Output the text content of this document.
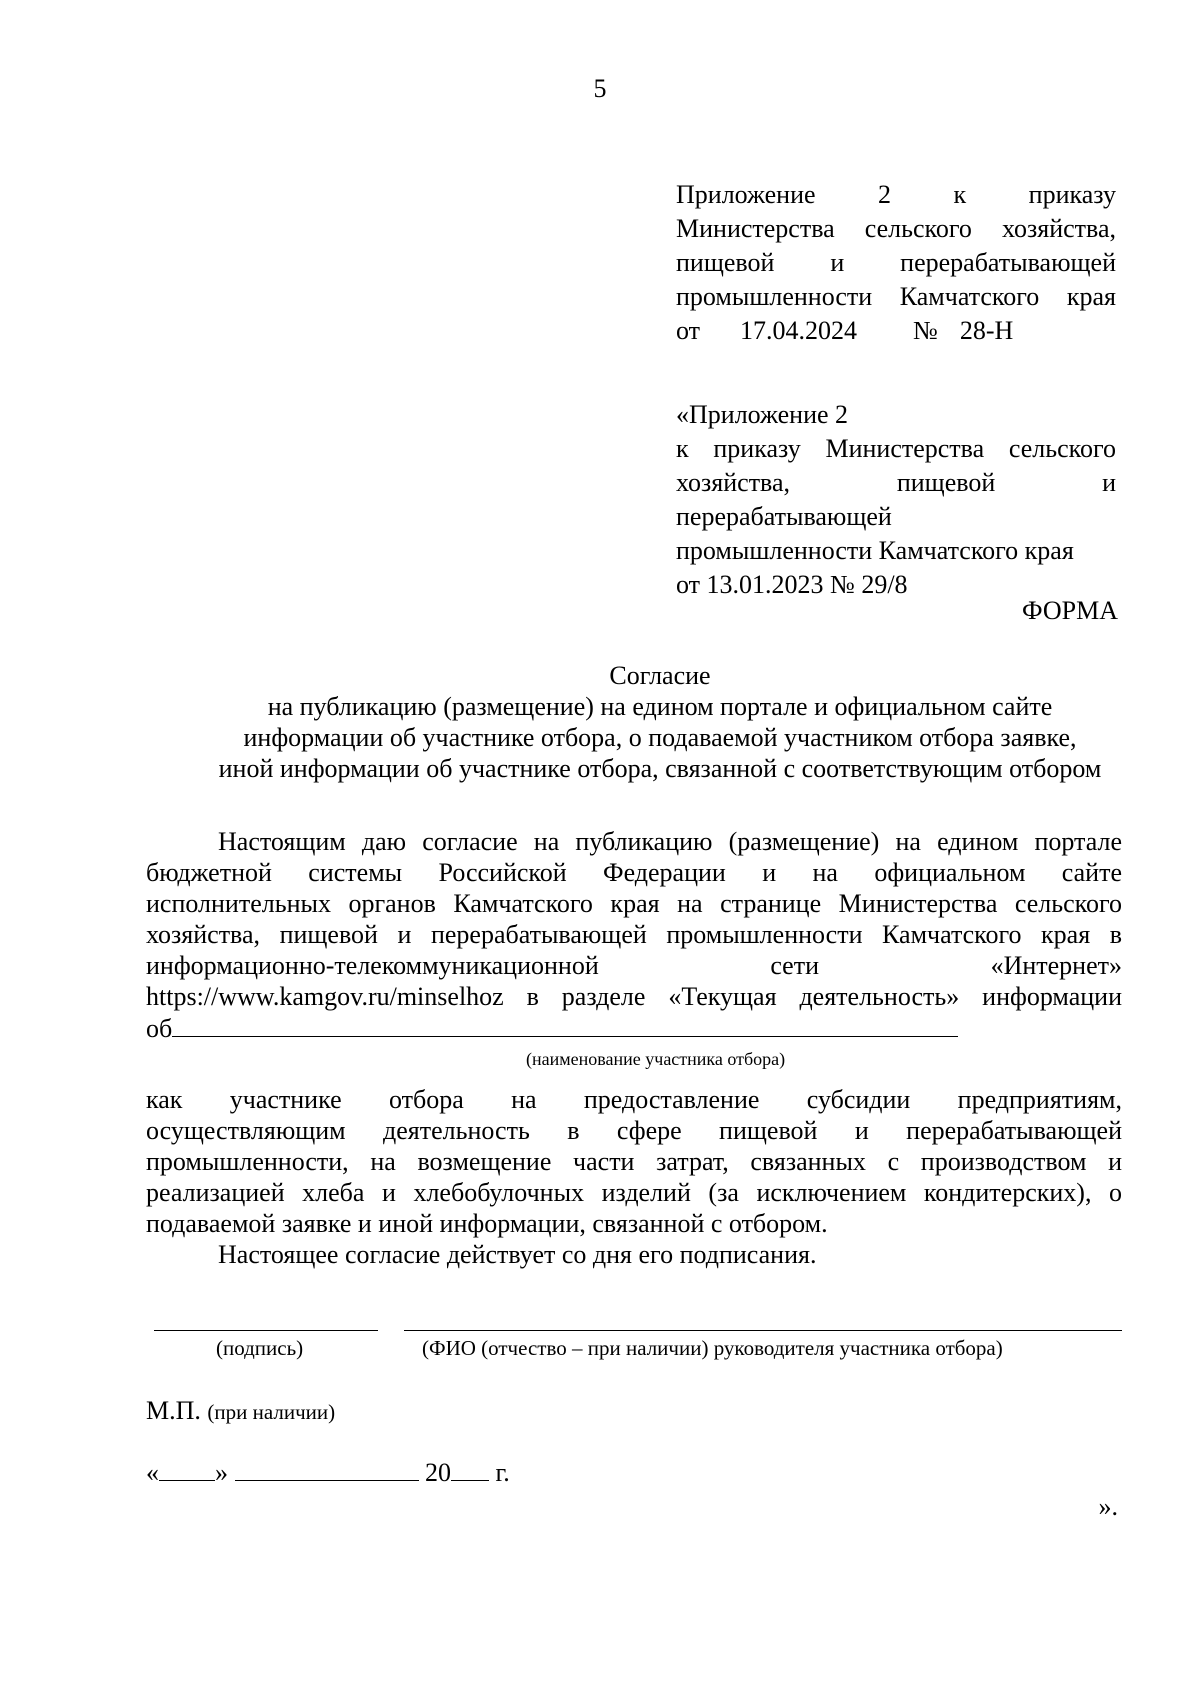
5
Приложение 2 к приказу
Министерства сельского хозяйства,
пищевой и перерабатывающей
промышленности Камчатского края
от 17.04.2024 № 28-Н
«Приложение 2
к приказу Министерства сельского
хозяйства, пищевой и
перерабатывающей
промышленности Камчатского края
от 13.01.2023 № 29/8
ФОРМА
Согласие
на публикацию (размещение) на едином портале и официальном сайте
информации об участнике отбора, о подаваемой участником отбора заявке,
иной информации об участнике отбора, связанной с соответствующим отбором
Настоящим даю согласие на публикацию (размещение) на едином портале
бюджетной системы Российской Федерации и на официальном сайте
исполнительных органов Камчатского края на странице Министерства сельского
хозяйства, пищевой и перерабатывающей промышленности Камчатского края в
информационно-телекоммуникационной сети «Интернет»
https://www.kamgov.ru/minselhoz в разделе «Текущая деятельность» информации
об
(наименование участника отбора)
как участнике отбора на предоставление субсидии предприятиям,
осуществляющим деятельность в сфере пищевой и перерабатывающей
промышленности, на возмещение части затрат, связанных с производством и
реализацией хлеба и хлебобулочных изделий (за исключением кондитерских), о
подаваемой заявке и иной информации, связанной с отбором.
Настоящее согласие действует со дня его подписания.
(подпись)	(ФИО (отчество – при наличии) руководителя участника отбора)
М.П. (при наличии)
« »	20 г.
».
